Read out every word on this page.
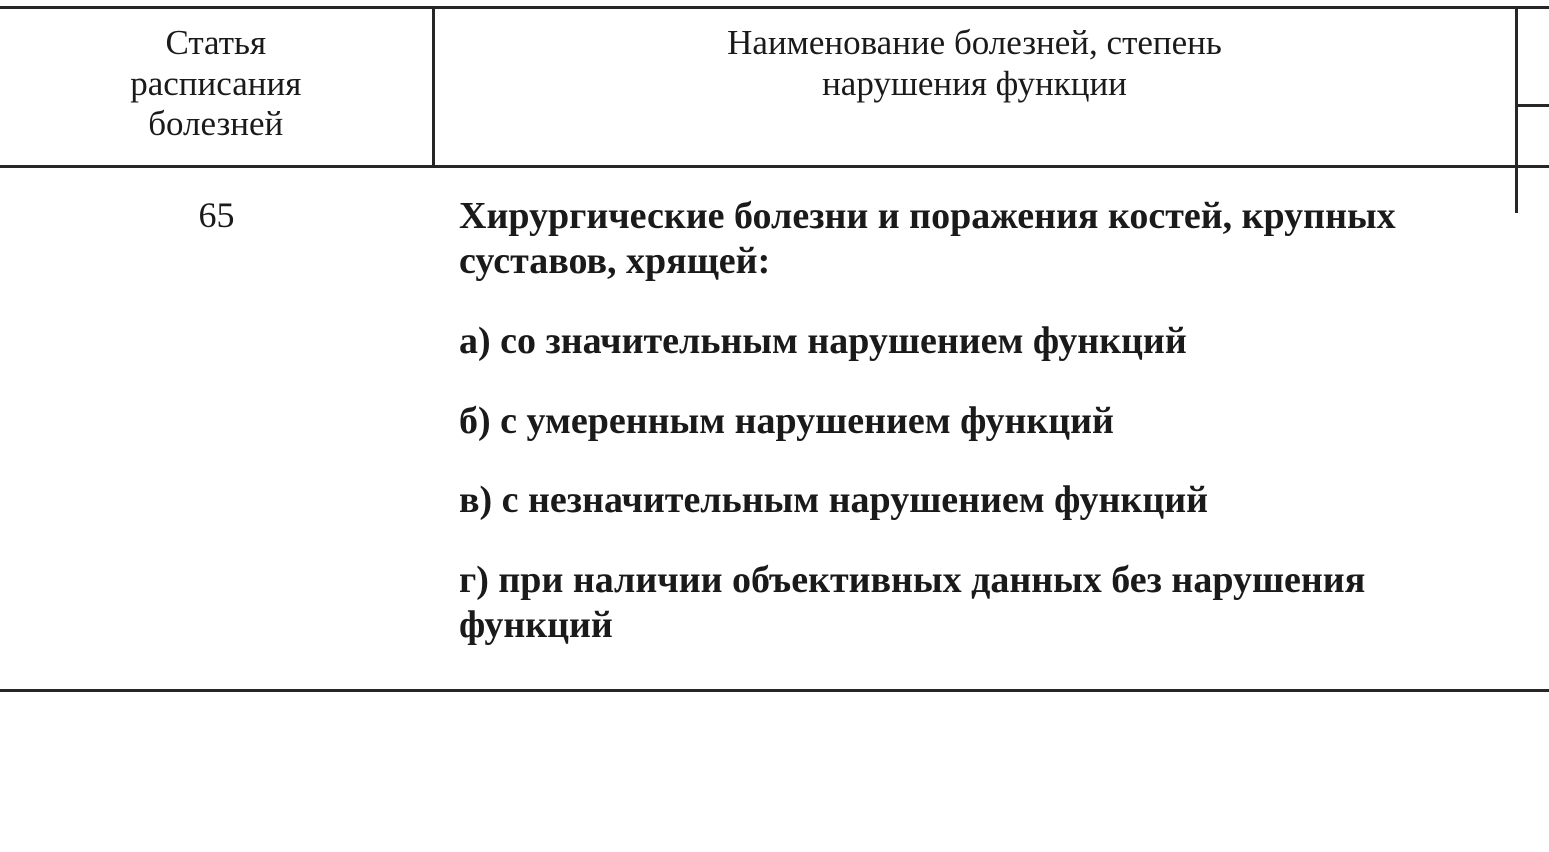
Статья
расписания
болезней	Наименование болезней, степень
нарушения функции	

65	Хирургические болезни и поражения костей, крупных суставов, хрящей:

а) со значительным нарушением функций

б) с умеренным нарушением функций

в) с незначительным нарушением функций

г) при наличии объективных данных без нарушения функций	
